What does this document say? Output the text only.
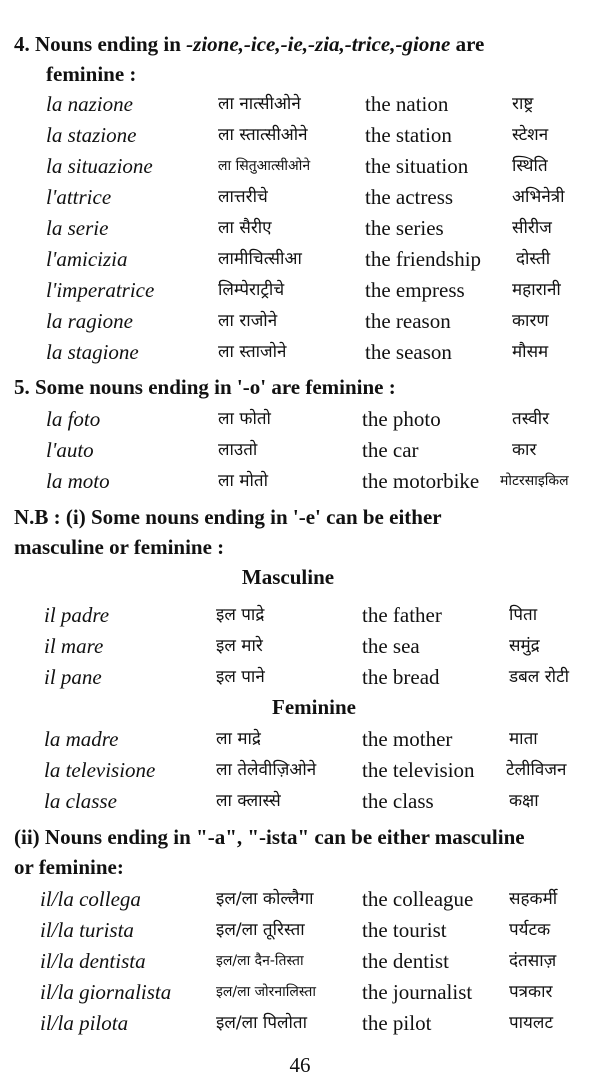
4. Nouns ending in -zione,-ice,-ie,-zia,-trice,-gione are
feminine :
la nazione	ला नात्सीओने	the nation	राष्ट्र
la stazione	ला स्तात्सीओने	the station	स्टेशन
la situazione	ला सितुआत्सीओने	the situation	स्थिति
l'attrice	लात्तरीचे	the actress	अभिनेत्री
la serie	ला सैरीए	the series	सीरीज
l'amicizia	लामीचित्सीआ	the friendship दोस्ती
l'imperatrice	लिम्पेराट्रीचे	the empress	महारानी
la ragione	ला राजोने	the reason	कारण
la stagione	ला स्ताजोने	the season	मौसम
5. Some nouns ending in '-o' are feminine :
la foto	ला फोतो	the photo	तस्वीर
l'auto	लाउतो	the car	कार
la moto	ला मोतो	the motorbike मोटरसाइकिल
N.B : (i) Some nouns ending in '-e' can be either
masculine or feminine :
Masculine
il padre	इल पाद्रे	the father	पिता
il mare	इल मारे	the sea	समुंद्र
il pane	इल पाने	the bread	डबल रोटी
Feminine
la madre	ला माद्रे	the mother	माता
la televisione	ला तेलेवीज़िओने the television टेलीविजन
la classe	ला क्लास्से	the class	कक्षा
(ii) Nouns ending in "-a", "-ista" can be either masculine
or feminine:
il/la collega	इल/ला कोल्लैगा the colleague सहकर्मी
il/la turista	इल/ला तूरिस्ता	the tourist	पर्यटक
il/la dentista	इल/ला दैन-तिस्ता	the dentist	दंतसाज़
il/la giornalista	इल/ला जोरनालिस्ता the journalist पत्रकार
il/la pilota	इल/ला पिलोता	the pilot	पायलट
46
